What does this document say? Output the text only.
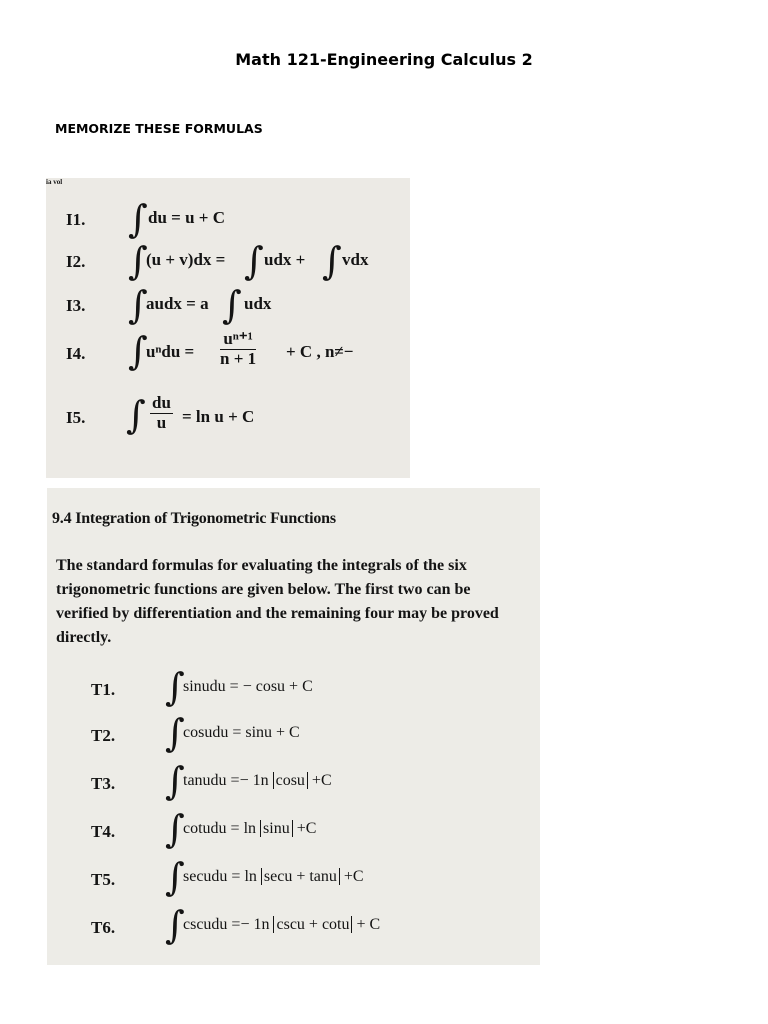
Math 121-Engineering Calculus 2
MEMORIZE THESE FORMULAS
ia vol
I1. ∫ du = u + C
I2. ∫
(u + v)dx = ∫ udx + ∫ vdx
I3. ∫
audx = a ∫ udx
I4. ∫
$u^ndu = \frac{\text{uⁿ⁺¹}}{n + 1} + C$ , n≠−
I5. ∫ $\frac{du}{u} = \ln u + C$
9.4 Integration of Trigonometric Functions
The standard formulas for evaluating the integrals of the six trigonometric functions are given below. The first two can be verified by differentiation and the remaining four may be proved directly.
T1. ∫
sinudu = − cosu + C
T2. ∫
cosudu = sinu + C
T3. ∫
tanudu =− 1n cosu +C
T4. ∫
cotudu = ln sinu +C
T5. ∫
secudu = ln secu + tanu +C
T6. ∫
cscudu =− 1n cscu + cotu + C
